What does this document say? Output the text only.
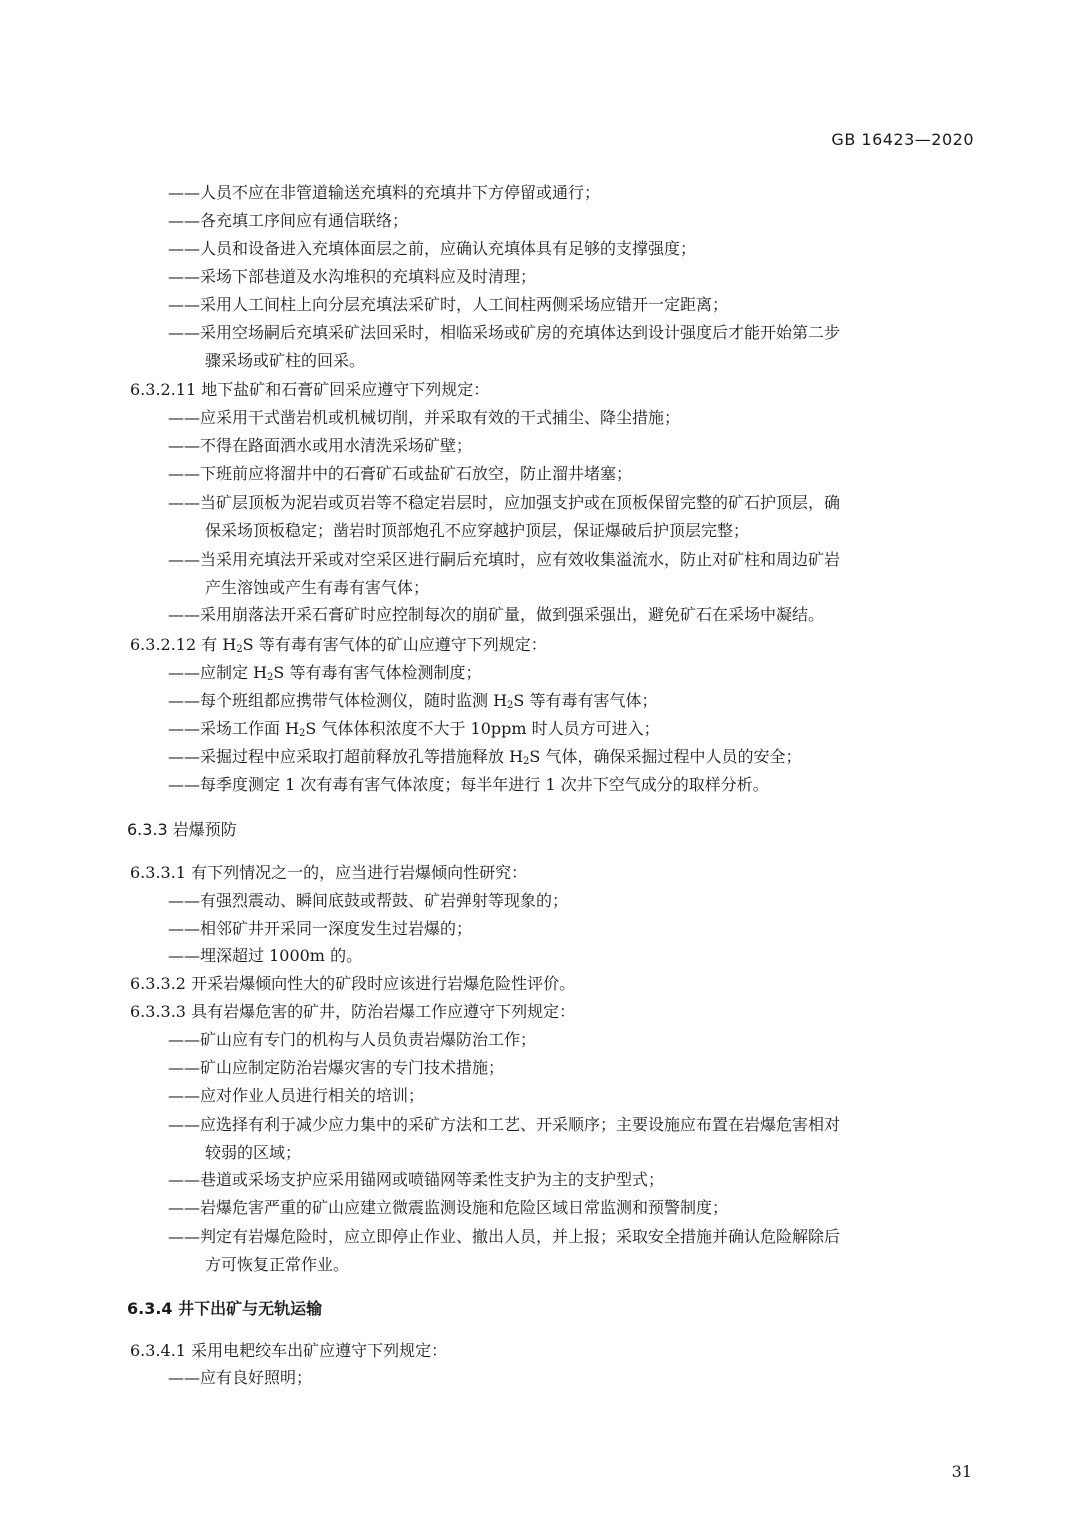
GB 16423—2020
——人员不应在非管道输送充填料的充填井下方停留或通行；
——各充填工序间应有通信联络；
——人员和设备进入充填体面层之前，应确认充填体具有足够的支撑强度；
——采场下部巷道及水沟堆积的充填料应及时清理；
——采用人工间柱上向分层充填法采矿时，人工间柱两侧采场应错开一定距离；
——采用空场嗣后充填采矿法回采时，相临采场或矿房的充填体达到设计强度后才能开始第二步
骤采场或矿柱的回采。
6.3.2.11 地下盐矿和石膏矿回采应遵守下列规定：
——应采用干式凿岩机或机械切削，并采取有效的干式捕尘、降尘措施；
——不得在路面洒水或用水清洗采场矿壁；
——下班前应将溜井中的石膏矿石或盐矿石放空，防止溜井堵塞；
——当矿层顶板为泥岩或页岩等不稳定岩层时，应加强支护或在顶板保留完整的矿石护顶层，确
保采场顶板稳定；凿岩时顶部炮孔不应穿越护顶层，保证爆破后护顶层完整；
——当采用充填法开采或对空采区进行嗣后充填时，应有效收集溢流水，防止对矿柱和周边矿岩
产生溶蚀或产生有毒有害气体；
——采用崩落法开采石膏矿时应控制每次的崩矿量，做到强采强出，避免矿石在采场中凝结。
6.3.2.12 有 $H_2S$ 等有毒有害气体的矿山应遵守下列规定：
——应制定 $H_2S$ 等有毒有害气体检测制度；
——每个班组都应携带气体检测仪，随时监测 $H_2S$ 等有毒有害气体；
——采场工作面 $H_2S$ 气体体积浓度不大于 10ppm 时人员方可进入；
——采掘过程中应采取打超前释放孔等措施释放 $H_2S$ 气体，确保采掘过程中人员的安全；
——每季度测定 1 次有毒有害气体浓度；每半年进行 1 次井下空气成分的取样分析。
6.3.3 岩爆预防
6.3.3.1 有下列情况之一的，应当进行岩爆倾向性研究：
——有强烈震动、瞬间底鼓或帮鼓、矿岩弹射等现象的；
——相邻矿井开采同一深度发生过岩爆的；
——埋深超过 1000m 的。
6.3.3.2 开采岩爆倾向性大的矿段时应该进行岩爆危险性评价。
6.3.3.3 具有岩爆危害的矿井，防治岩爆工作应遵守下列规定：
——矿山应有专门的机构与人员负责岩爆防治工作；
——矿山应制定防治岩爆灾害的专门技术措施；
——应对作业人员进行相关的培训；
——应选择有利于减少应力集中的采矿方法和工艺、开采顺序；主要设施应布置在岩爆危害相对
较弱的区域；
——巷道或采场支护应采用锚网或喷锚网等柔性支护为主的支护型式；
——岩爆危害严重的矿山应建立微震监测设施和危险区域日常监测和预警制度；
——判定有岩爆危险时，应立即停止作业、撤出人员，并上报；采取安全措施并确认危险解除后
方可恢复正常作业。
6.3.4 井下出矿与无轨运输
6.3.4.1 采用电耙绞车出矿应遵守下列规定：
——应有良好照明；
31
